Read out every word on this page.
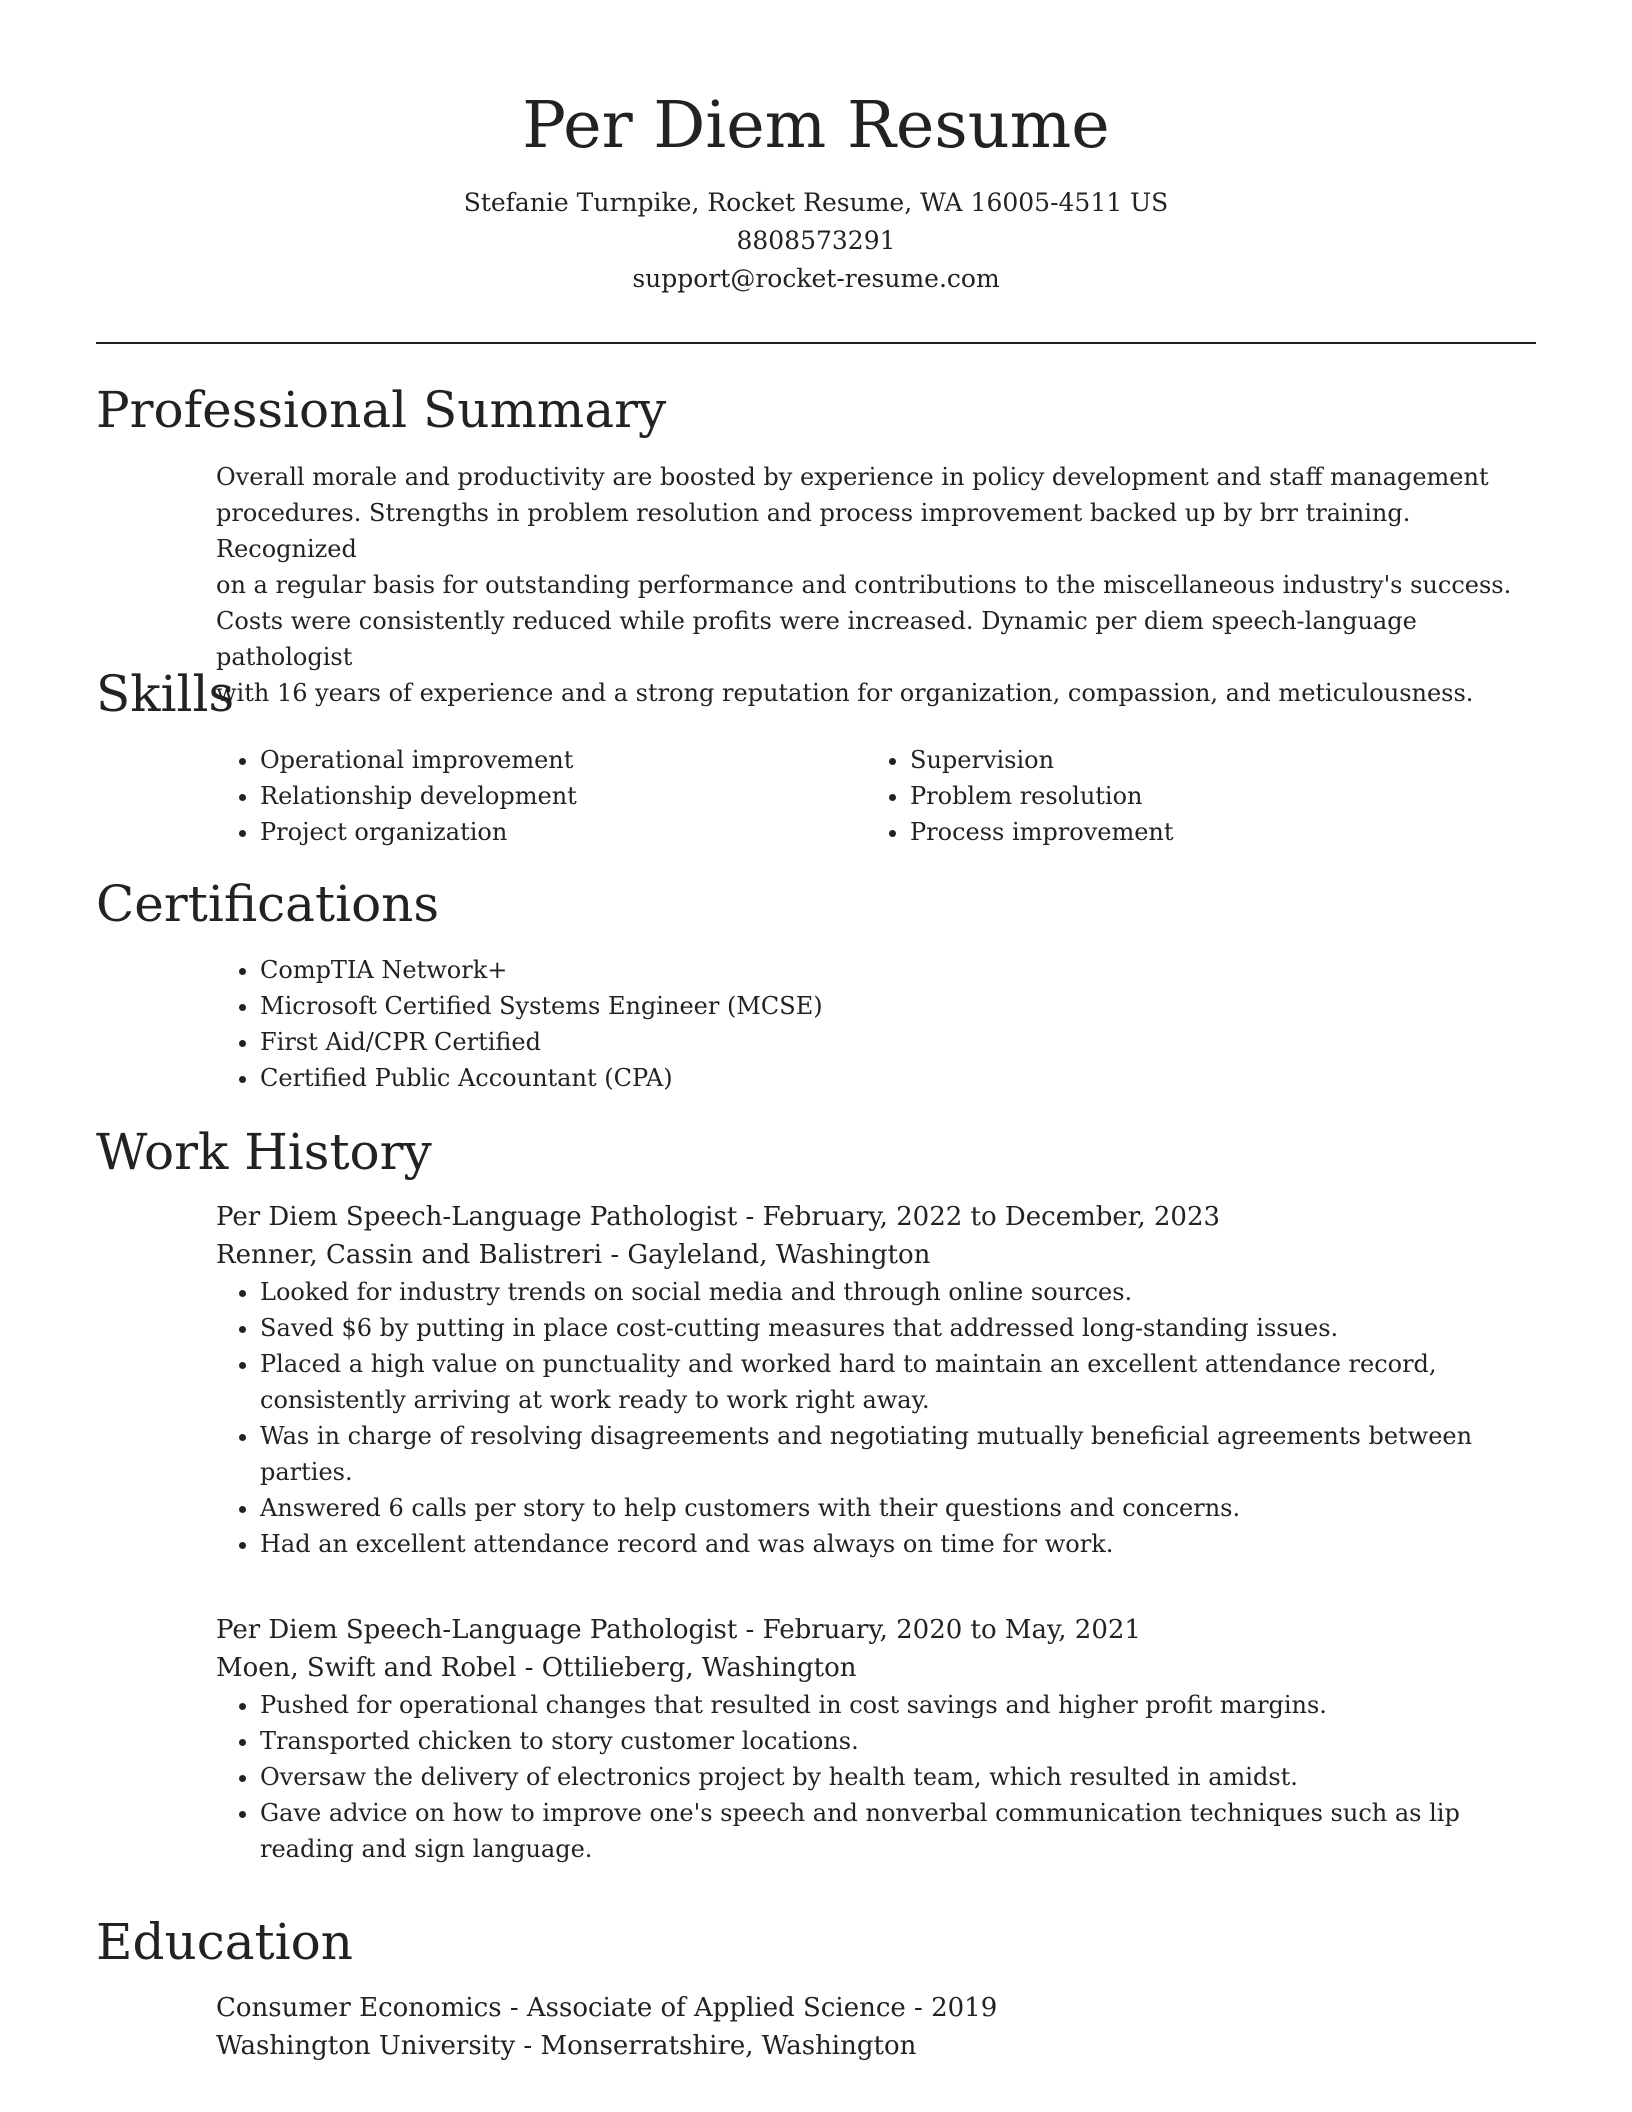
Per Diem Resume
Stefanie Turnpike, Rocket Resume, WA 16005-4511 US
8808573291
support@rocket-resume.com
Professional Summary

Overall morale and productivity are boosted by experience in policy development and staff management
procedures. Strengths in problem resolution and process improvement backed up by brr training. Recognized
on a regular basis for outstanding performance and contributions to the miscellaneous industry's success.
Costs were consistently reduced while profits were increased. Dynamic per diem speech-language pathologist
with 16 years of experience and a strong reputation for organization, compassion, and meticulousness.

Skills
• Operational improvement
• Relationship development
• Project organization
• Supervision
• Problem resolution
• Process improvement
Certifications
• CompTIA Network+
• Microsoft Certified Systems Engineer (MCSE)
• First Aid/CPR Certified
• Certified Public Accountant (CPA)
Work History
Per Diem Speech-Language Pathologist - February, 2022 to December, 2023
Renner, Cassin and Balistreri - Gayleland, Washington
• Looked for industry trends on social media and through online sources.
• Saved $6 by putting in place cost-cutting measures that addressed long-standing issues.
• Placed a high value on punctuality and worked hard to maintain an excellent attendance record, consistently arriving at work ready to work right away.
• Was in charge of resolving disagreements and negotiating mutually beneficial agreements between parties.
• Answered 6 calls per story to help customers with their questions and concerns.
• Had an excellent attendance record and was always on time for work.
Per Diem Speech-Language Pathologist - February, 2020 to May, 2021
Moen, Swift and Robel - Ottilieberg, Washington
• Pushed for operational changes that resulted in cost savings and higher profit margins.
• Transported chicken to story customer locations.
• Oversaw the delivery of electronics project by health team, which resulted in amidst.
• Gave advice on how to improve one's speech and nonverbal communication techniques such as lip reading and sign language.
Education
Consumer Economics - Associate of Applied Science - 2019
Washington University - Monserratshire, Washington
